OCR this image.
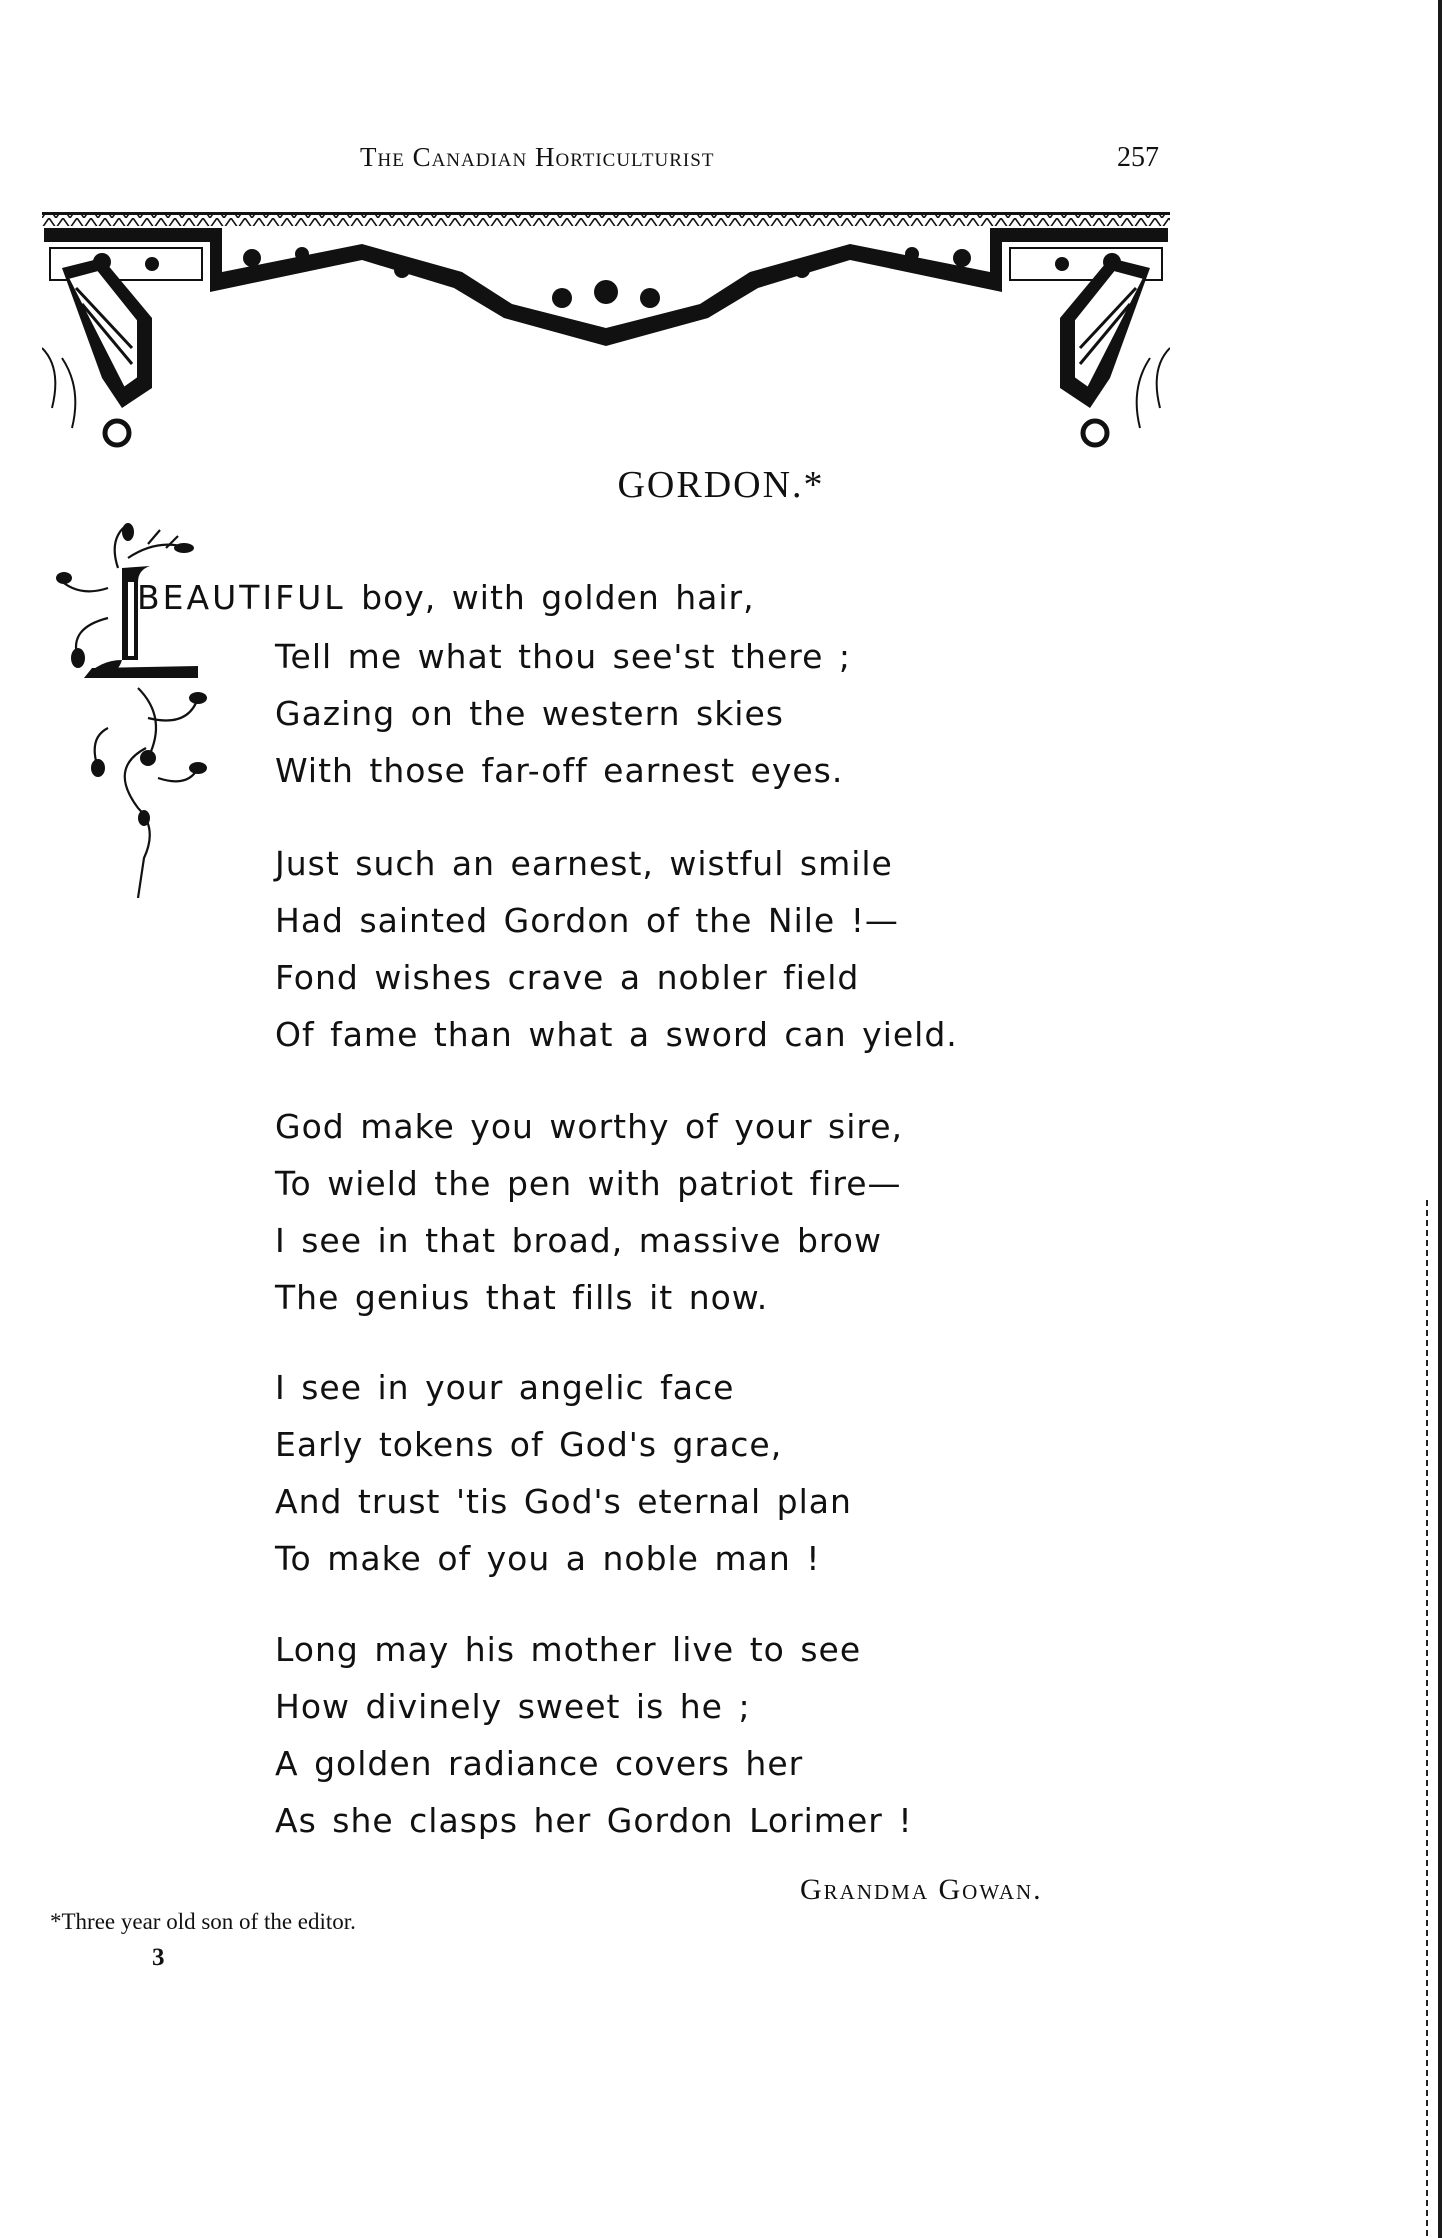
The Canadian Horticulturist	257
GORDON.*
BEAUTIFUL boy, with golden hair,
Tell me what thou see'st there ;
Gazing on the western skies
With those far-off earnest eyes.
Just such an earnest, wistful smile
Had sainted Gordon of the Nile !—
Fond wishes crave a nobler field
Of fame than what a sword can yield.
God make you worthy of your sire,
To wield the pen with patriot fire—
I see in that broad, massive brow
The genius that fills it now.
I see in your angelic face
Early tokens of God's grace,
And trust 'tis God's eternal plan
To make of you a noble man !
Long may his mother live to see
How divinely sweet is he ;
A golden radiance covers her
As she clasps her Gordon Lorimer !
Grandma Gowan.
*Three year old son of the editor.
3
